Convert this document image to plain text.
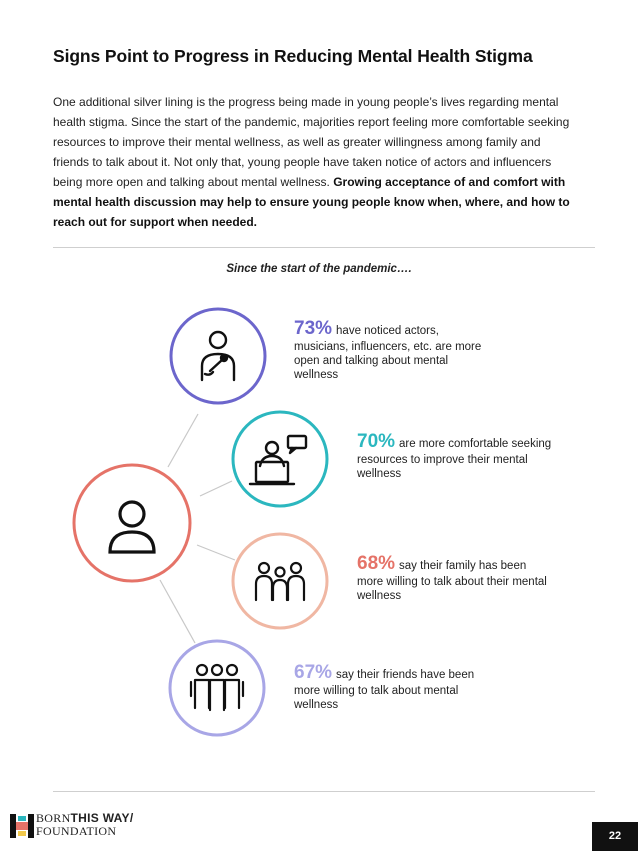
Signs Point to Progress in Reducing Mental Health Stigma
One additional silver lining is the progress being made in young people’s lives regarding mental health stigma. Since the start of the pandemic, majorities report feeling more comfortable seeking resources to improve their mental wellness, as well as greater willingness among family and friends to talk about it. Not only that, young people have taken notice of actors and influencers being more open and talking about mental wellness. Growing acceptance of and comfort with mental health discussion may help to ensure young people know when, where, and how to reach out for support when needed.
Since the start of the pandemic….
73% have noticed actors, musicians, influencers, etc. are more open and talking about mental wellness
70% are more comfortable seeking resources to improve their mental wellness
68% say their family has been more willing to talk about their mental wellness
67% say their friends have been more willing to talk about mental wellness
BORNTHIS WAY/
FOUNDATION	22
